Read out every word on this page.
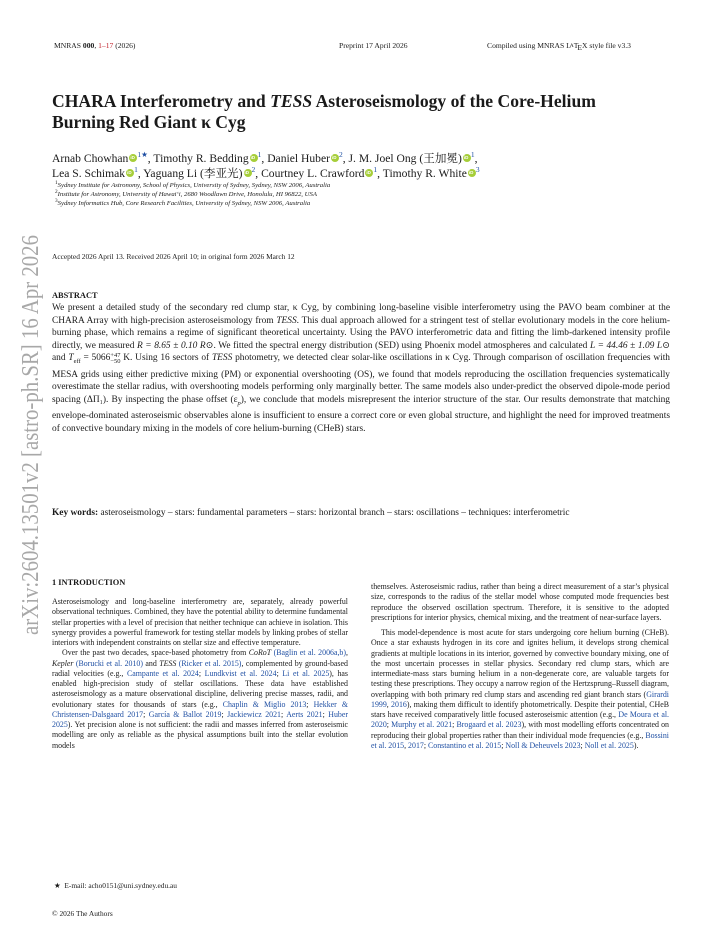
MNRAS 000, 1–17 (2026)	Preprint 17 April 2026	Compiled using MNRAS LATEX style file v3.3
arXiv:2604.13501v2 [astro-ph.SR] 16 Apr 2026
CHARA Interferometry and TESS Asteroseismology of the Core-Helium
Burning Red Giant κ Cyg
Arnab Chowhan iD $^{1★}$, Timothy R. Bedding iD $^1$, Daniel Huber iD $^2$, J. M. Joel Ong (王加冕) iD $^1$,
Lea S. Schimak iD $^1$, Yaguang Li (李亚光) iD $^2$, Courtney L. Crawford iD $^1$, Timothy R. White iD $^3$
$^1$Sydney Institute for Astronomy, School of Physics, University of Sydney, Sydney, NSW 2006, Australia
$^2$Institute for Astronomy, University of Hawaiʻi, 2680 Woodlawn Drive, Honolulu, HI 96822, USA
$^3$Sydney Informatics Hub, Core Research Facilities, University of Sydney, NSW 2006, Australia
Accepted 2026 April 13. Received 2026 April 10; in original form 2026 March 12
ABSTRACT
We present a detailed study of the secondary red clump star, κ Cyg, by combining long-baseline visible interferometry using the PAVO beam combiner at the CHARA Array with high-precision asteroseismology from TESS. This dual approach allowed for a stringent test of stellar evolutionary models in the core helium-burning phase, which remains a regime of significant theoretical uncertainty. Using the PAVO interferometric data and fitting the limb-darkened intensity profile directly, we measured R = 8.65 ± 0.10 R⊙. We fitted the spectral energy distribution (SED) using Phoenix model atmospheres and calculated L = 44.46 ± 1.09 L⊙ and $T_{eff} = 5066+47$
−50 K. Using 16 sectors of TESS photometry, we detected clear solar-like oscillations in κ Cyg. Through comparison of oscillation frequencies with MESA grids using either predictive mixing (PM) or exponential overshooting (OS), we found that models reproducing the oscillation frequencies systematically overestimate the stellar radius, with overshooting models performing only marginally better. The same models also under-predict the observed dipole-mode period spacing (ΔΠ₁). By inspecting the phase offset $(\varepsilon_p)$, we conclude that models misrepresent the interior structure of the star. Our results demonstrate that matching envelope-dominated asteroseismic observables alone is insufficient to ensure a correct core or even global structure, and highlight the need for improved treatments of convective boundary mixing in the models of core helium-burning (CHeB) stars.
Key words: asteroseismology – stars: fundamental parameters – stars: horizontal branch – stars: oscillations – techniques: interferometric
1 INTRODUCTION

Asteroseismology and long-baseline interferometry are, separately, already powerful observational techniques. Combined, they have the potential ability to determine fundamental stellar properties with a level of precision that neither technique can achieve in isolation. This synergy provides a powerful framework for testing stellar models by linking probes of stellar interiors with independent constraints on stellar size and effective temperature.

Over the past two decades, space-based photometry from CoRoT (Baglin et al. 2006a,b), Kepler (Borucki et al. 2010) and TESS (Ricker et al. 2015), complemented by ground-based radial velocities (e.g., Campante et al. 2024; Lundkvist et al. 2024; Li et al. 2025), has enabled high-precision study of stellar oscillations. These data have established asteroseismology as a mature observational discipline, delivering precise masses, radii, and evolutionary states for thousands of stars (e.g., Chaplin & Miglio 2013; Hekker & Christensen-Dalsgaard 2017; García & Ballot 2019; Jackiewicz 2021; Aerts 2021; Huber 2025). Yet precision alone is not sufficient: the radii and masses inferred from asteroseismic modelling are only as reliable as the physical assumptions built into the stellar evolution models

themselves. Asteroseismic radius, rather than being a direct measurement of a star’s physical size, corresponds to the radius of the stellar model whose computed mode frequencies best reproduce the observed oscillation spectrum. Therefore, it is sensitive to the adopted prescriptions for interior physics, chemical mixing, and the treatment of near-surface layers.

This model-dependence is most acute for stars undergoing core helium burning (CHeB). Once a star exhausts hydrogen in its core and ignites helium, it develops strong chemical gradients at multiple locations in its interior, governed by convective boundary mixing, one of the most uncertain processes in stellar physics. Secondary red clump stars, which are intermediate-mass stars burning helium in a non-degenerate core, are valuable targets for testing these prescriptions. They occupy a narrow region of the Hertzsprung–Russell diagram, overlapping with both primary red clump stars and ascending red giant branch stars (Girardi 1999, 2016), making them difficult to identify photometrically. Despite their potential, CHeB stars have received comparatively little focused asteroseismic attention (e.g., De Moura et al. 2020; Murphy et al. 2021; Brogaard et al. 2023), with most modelling efforts concentrated on reproducing their global properties rather than their individual mode frequencies (e.g., Bossini et al. 2015, 2017; Constantino et al. 2015; Noll & Deheuvels 2023; Noll et al. 2025).

★ E-mail: acho0151@uni.sydney.edu.au
© 2026 The Authors
